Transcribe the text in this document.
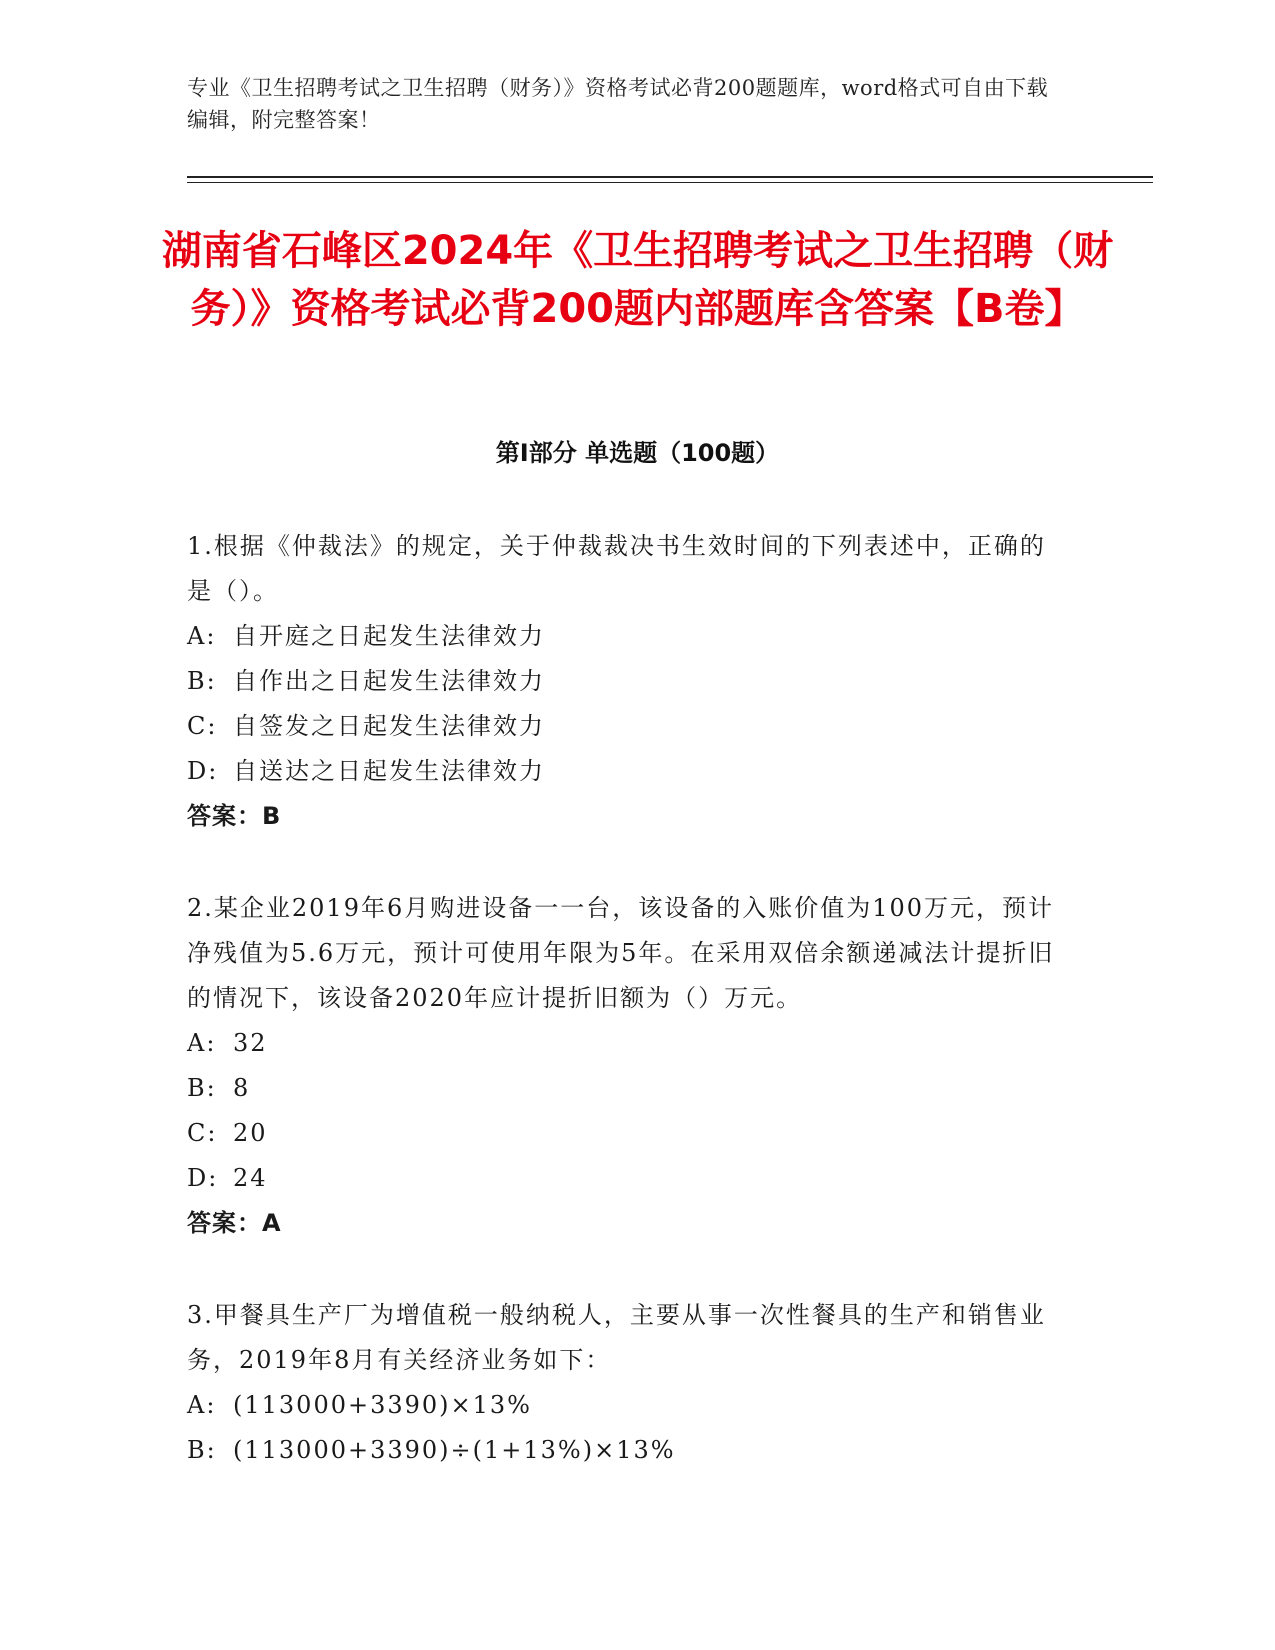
专业《卫生招聘考试之卫生招聘（财务）》资格考试必背200题题库，word格式可自由下载编辑，附完整答案！
湖南省石峰区2024年《卫生招聘考试之卫生招聘（财务）》资格考试必背200题内部题库含答案【B卷】
第I部分 单选题（100题）

1.根据《仲裁法》的规定，关于仲裁裁决书生效时间的下列表述中，正确的是（）。

A: 自开庭之日起发生法律效力

B: 自作出之日起发生法律效力

C: 自签发之日起发生法律效力

D: 自送达之日起发生法律效力

答案：B

2.某企业2019年6月购进设备一一台，该设备的入账价值为100万元，预计净残值为5.6万元，预计可使用年限为5年。在采用双倍余额递减法计提折旧的情况下，该设备2020年应计提折旧额为（）万元。

A: 32

B: 8

C: 20

D: 24

答案：A

3.甲餐具生产厂为增值税一般纳税人，主要从事一次性餐具的生产和销售业务，2019年8月有关经济业务如下：

A: (113000+3390)×13%

B: (113000+3390)÷(1+13%)×13%
